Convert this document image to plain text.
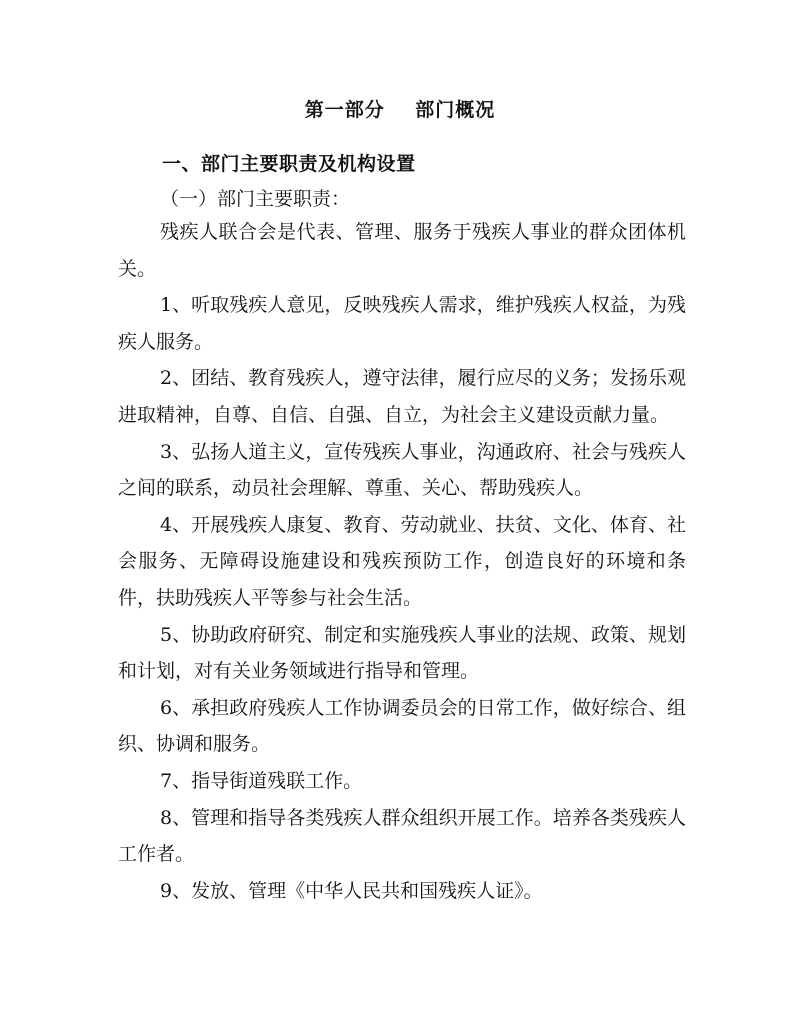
第一部分    部门概况
一、部门主要职责及机构设置
（一）部门主要职责：

残疾人联合会是代表、管理、服务于残疾人事业的群众团体机关。

1、听取残疾人意见，反映残疾人需求，维护残疾人权益，为残疾人服务。

2、团结、教育残疾人，遵守法律，履行应尽的义务；发扬乐观进取精神，自尊、自信、自强、自立，为社会主义建设贡献力量。

3、弘扬人道主义，宣传残疾人事业，沟通政府、社会与残疾人之间的联系，动员社会理解、尊重、关心、帮助残疾人。

4、开展残疾人康复、教育、劳动就业、扶贫、文化、体育、社会服务、无障碍设施建设和残疾预防工作，创造良好的环境和条件，扶助残疾人平等参与社会生活。

5、协助政府研究、制定和实施残疾人事业的法规、政策、规划和计划，对有关业务领域进行指导和管理。

6、承担政府残疾人工作协调委员会的日常工作，做好综合、组织、协调和服务。

7、指导街道残联工作。

8、管理和指导各类残疾人群众组织开展工作。培养各类残疾人工作者。

9、发放、管理《中华人民共和国残疾人证》。
